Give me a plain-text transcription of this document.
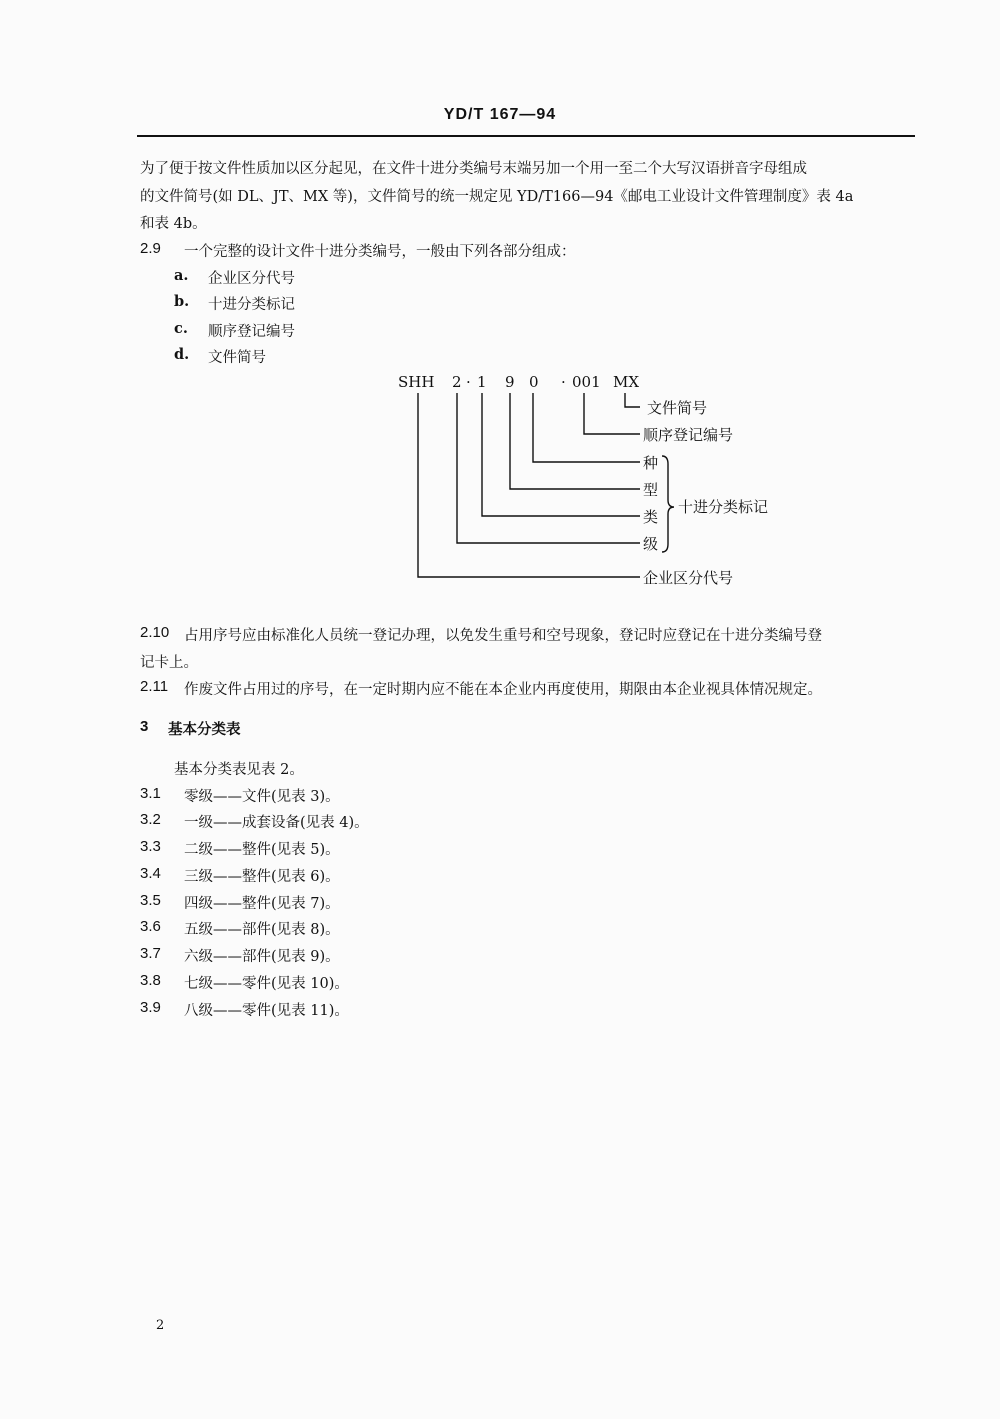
YD/T 167—94
为了便于按文件性质加以区分起见，在文件十进分类编号末端另加一个用一至二个大写汉语拼音字母组成
的文件简号(如 DL、JT、MX 等)，文件简号的统一规定见 YD/T166—94《邮电工业设计文件管理制度》表 4a
和表 4b。
2.9 一个完整的设计文件十进分类编号，一般由下列各部分组成：
a. 企业区分代号
b. 十进分类标记
c. 顺序登记编号
d. 文件简号
SHH 2 · 1 9 0 · 001 MX
文件简号
顺序登记编号
种
型
类
级
十进分类标记
企业区分代号
2.10 占用序号应由标准化人员统一登记办理，以免发生重号和空号现象，登记时应登记在十进分类编号登
记卡上。
2.11 作废文件占用过的序号，在一定时期内应不能在本企业内再度使用，期限由本企业视具体情况规定。
3 基本分类表
基本分类表见表 2。
3.1 零级——文件(见表 3)。
3.2 一级——成套设备(见表 4)。
3.3 二级——整件(见表 5)。
3.4 三级——整件(见表 6)。
3.5 四级——整件(见表 7)。
3.6 五级——部件(见表 8)。
3.7 六级——部件(见表 9)。
3.8 七级——零件(见表 10)。
3.9 八级——零件(见表 11)。
2
